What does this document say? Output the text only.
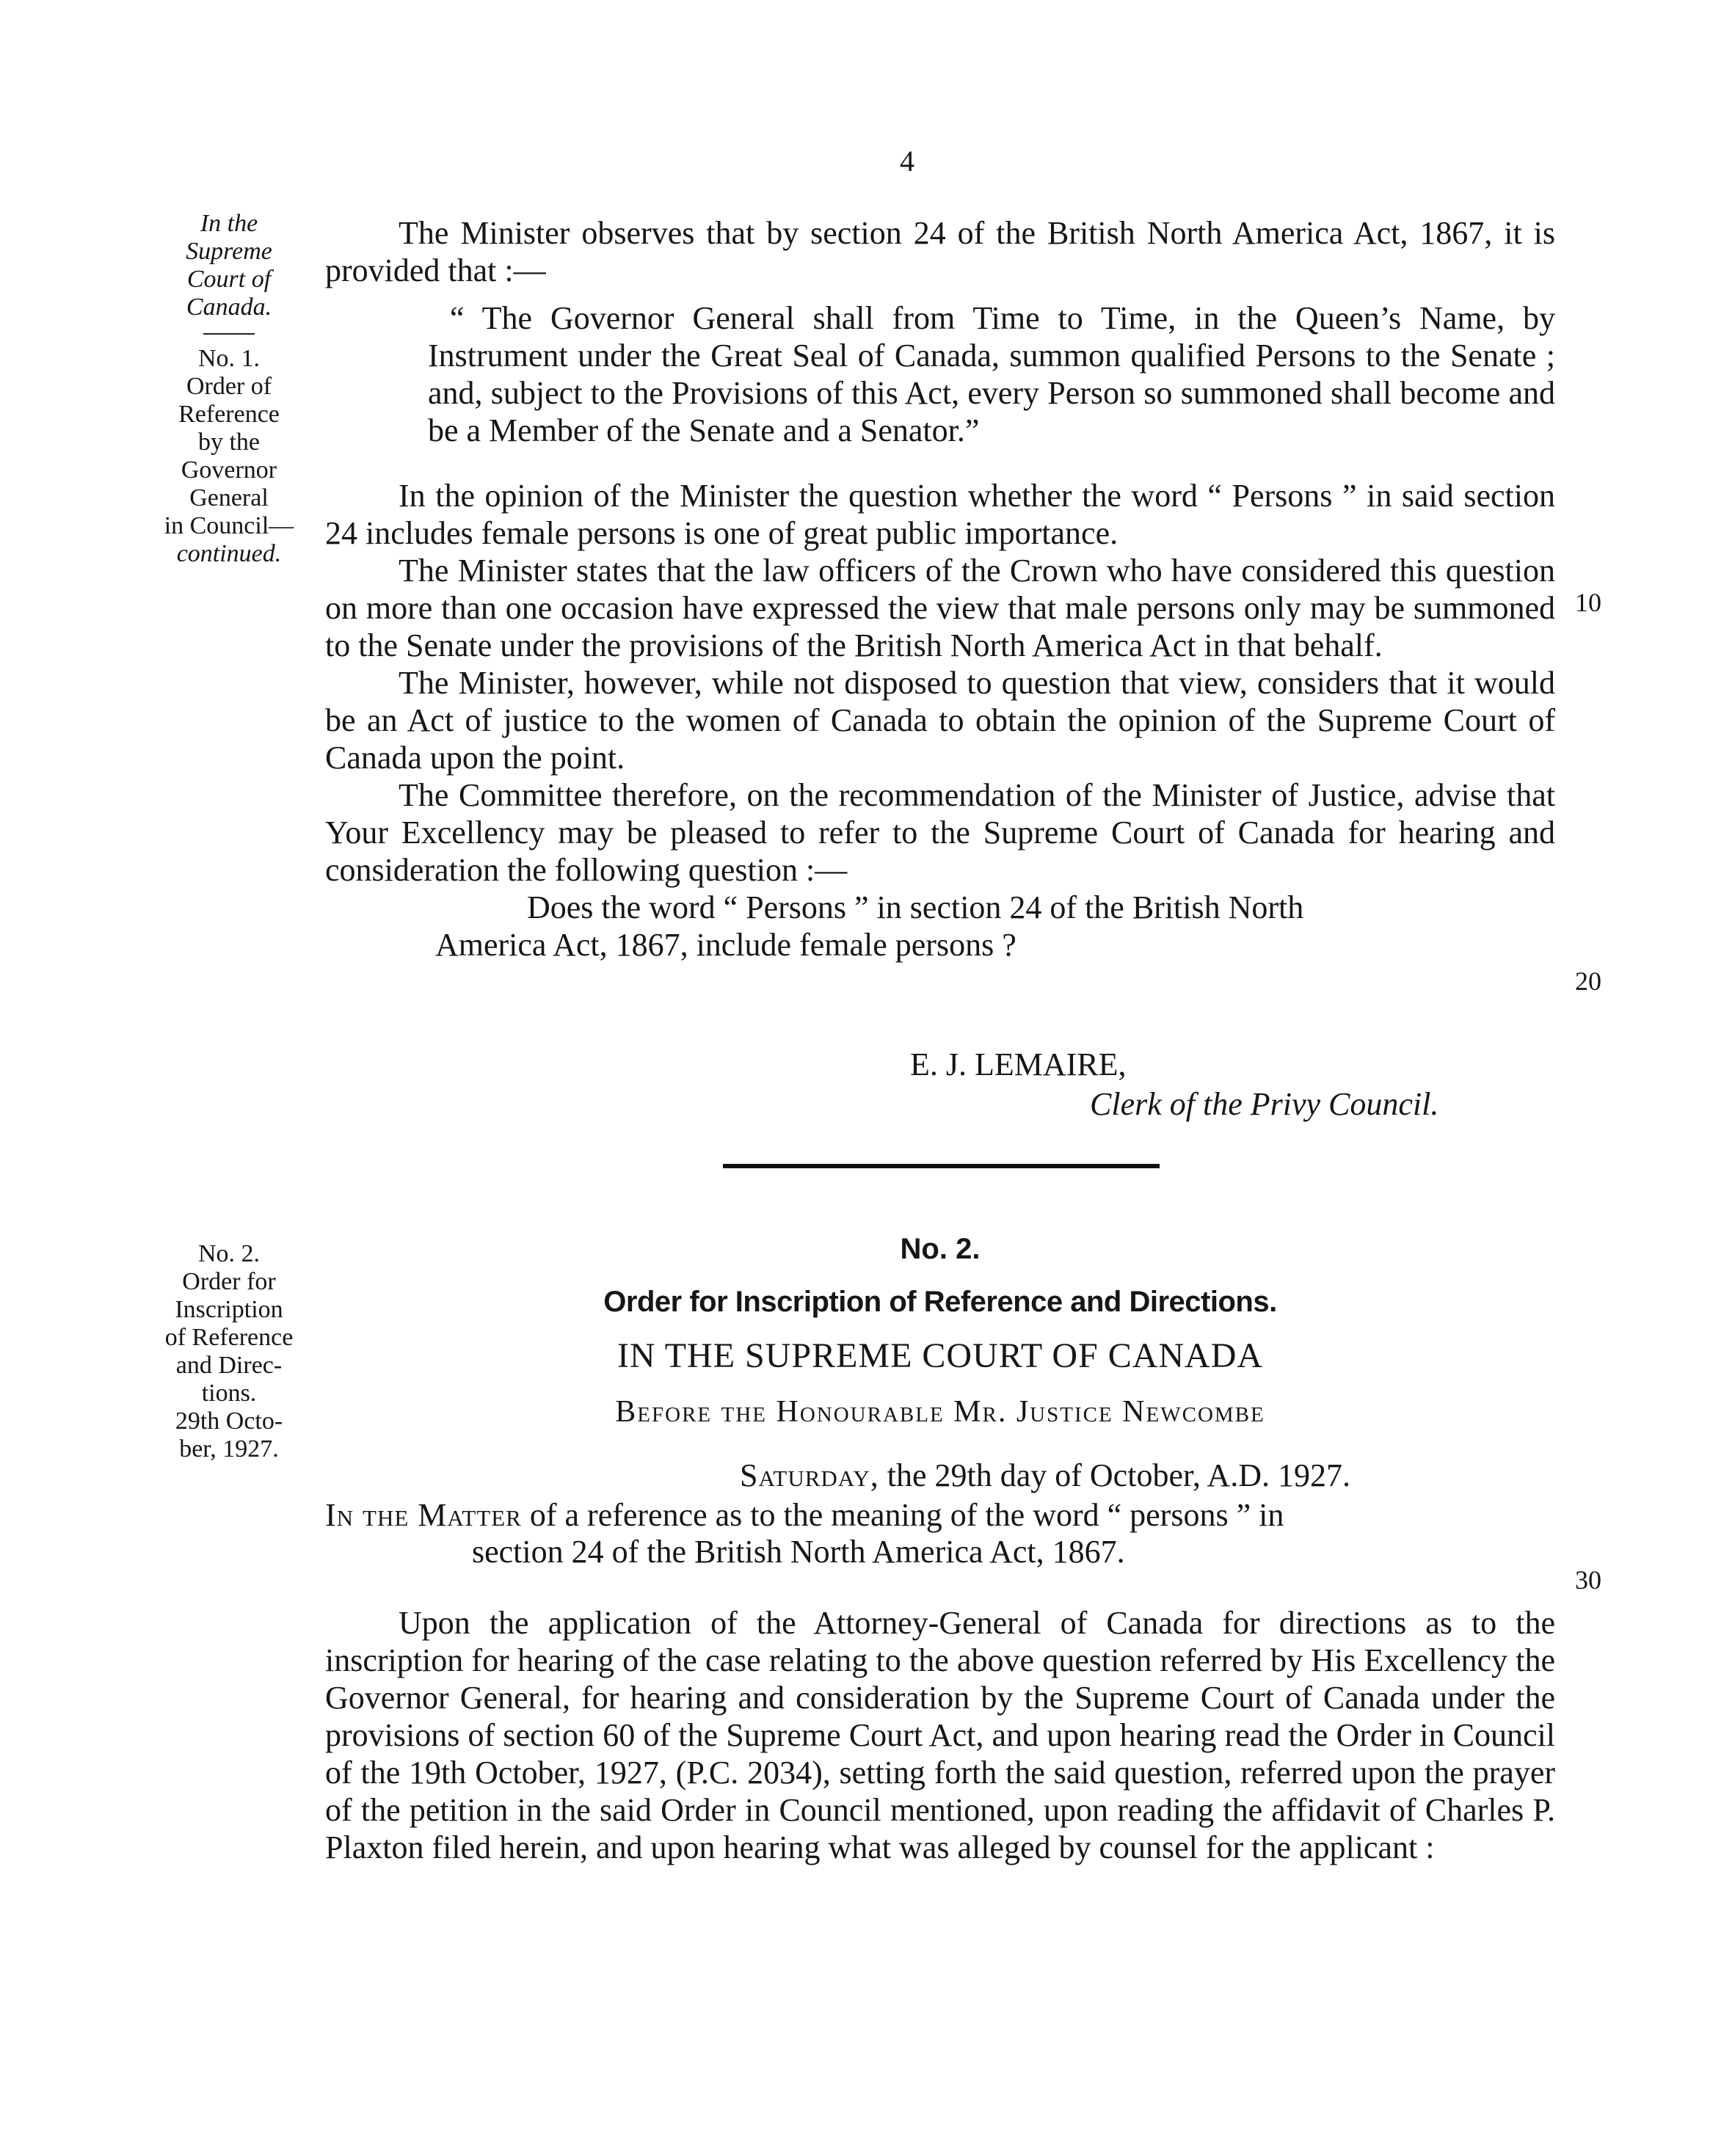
4
In the
Supreme
Court of
Canada.
No. 1.
Order of
Reference
by the
Governor
General
in Council—
continued.

The Minister observes that by section 24 of the British North America Act, 1867, it is provided that :—

“ The Governor General shall from Time to Time, in the Queen’s Name, by Instrument under the Great Seal of Canada, summon qualified Persons to the Senate ; and, subject to the Provisions of this Act, every Person so summoned shall become and be a Member of the Senate and a Senator.”

In the opinion of the Minister the question whether the word “ Persons ” in said section 24 includes female persons is one of great public importance.

The Minister states that the law officers of the Crown who have considered this question on more than one occasion have expressed the view that male persons only may be summoned to the Senate under the provisions of the British North America Act in that behalf.

The Minister, however, while not disposed to question that view, considers that it would be an Act of justice to the women of Canada to obtain the opinion of the Supreme Court of Canada upon the point.

The Committee therefore, on the recommendation of the Minister of Justice, advise that Your Excellency may be pleased to refer to the Supreme Court of Canada for hearing and consideration the following question :—

Does the word “ Persons ” in section 24 of the British North
America Act, 1867, include female persons ?

E. J. LEMAIRE,
Clerk of the Privy Council.
10
20
30
No. 2.
Order for
Inscription
of Reference
and Direc-
tions.
29th Octo-
ber, 1927.
No. 2.
Order for Inscription of Reference and Directions.
IN THE SUPREME COURT OF CANADA
Before the Honourable Mr. Justice Newcombe
Saturday, the 29th day of October, A.D. 1927.
In the Matter of a reference as to the meaning of the word “ persons ” in
section 24 of the British North America Act, 1867.

Upon the application of the Attorney-General of Canada for directions as to the inscription for hearing of the case relating to the above question referred by His Excellency the Governor General, for hearing and consideration by the Supreme Court of Canada under the provisions of section 60 of the Supreme Court Act, and upon hearing read the Order in Council of the 19th October, 1927, (P.C. 2034), setting forth the said question, referred upon the prayer of the petition in the said Order in Council mentioned, upon reading the affidavit of Charles P. Plaxton filed herein, and upon hearing what was alleged by counsel for the applicant :
